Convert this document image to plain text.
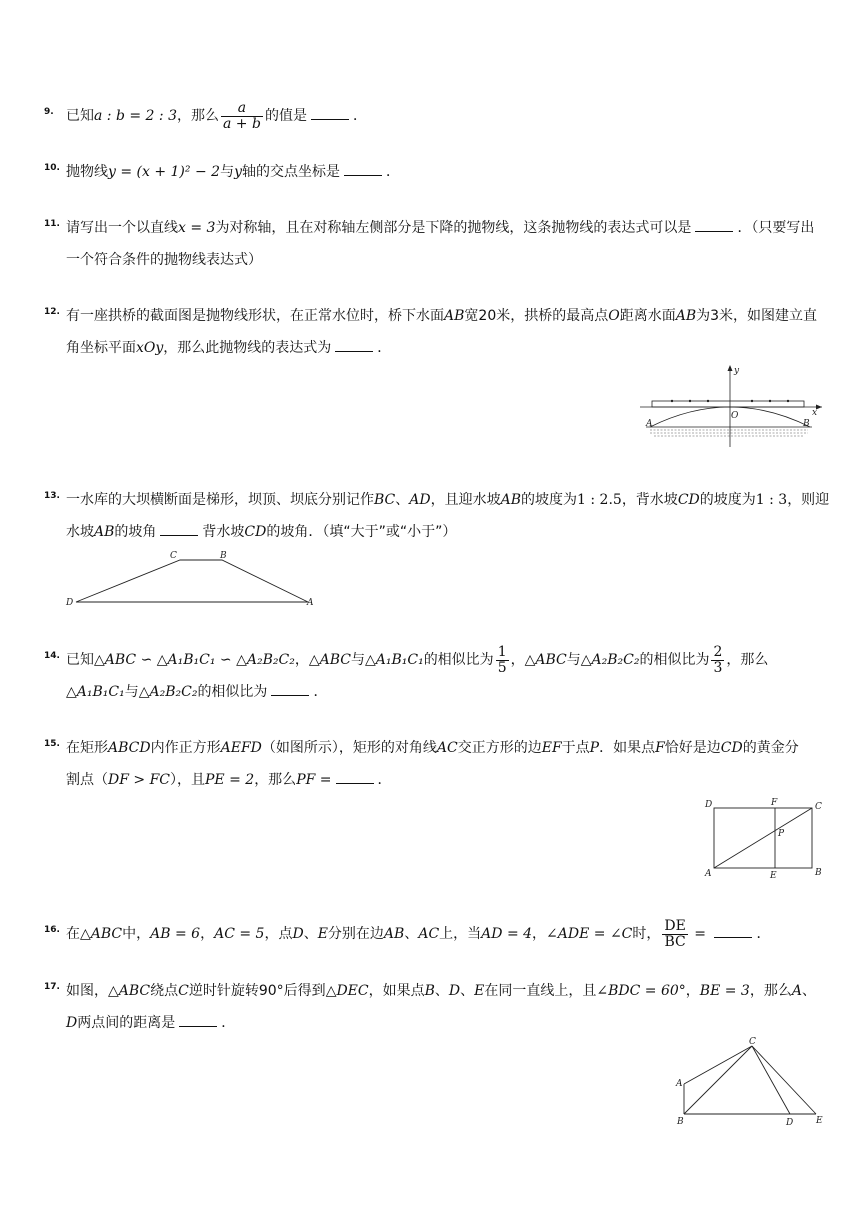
9. 已知a : b = 2 : 3，那么 $\frac{a}{a + b}$ 的值是	．
10. 抛物线y = (x + 1)² − 2与y轴的交点坐标是	．
11. 请写出一个以直线x = 3为对称轴，且在对称轴左侧部分是下降的抛物线，这条抛物线的表达式可以是	．（只要写出
一个符合条件的抛物线表达式）
12. 有一座拱桥的截面图是抛物线形状，在正常水位时，桥下水面AB宽20米，拱桥的最高点O距离水面AB为3米，如图建立直
角坐标平面xOy，那么此抛物线的表达式为	．
y
x
O
A	B
13. 一水库的大坝横断面是梯形，坝顶、坝底分别记作BC、AD，且迎水坡AB的坡度为1 : 2.5，背水坡CD的坡度为1 : 3，则迎
水坡AB的坡角	背水坡CD的坡角．（填“大于”或“小于”）
C	B
D	A
14. 已知△ABC ∽ △A₁B₁C₁ ∽ △A₂B₂C₂，△ABC与△A₁B₁C₁的相似比为 $\frac{1}{5}$ ，△ABC与△A₂B₂C₂的相似比为 $\frac{2}{3}$ ，那么
△A₁B₁C₁与△A₂B₂C₂的相似比为	．
15. 在矩形ABCD内作正方形AEFD（如图所示），矩形的对角线AC交正方形的边EF于点P．如果点F恰好是边CD的黄金分
割点（DF > FC），且PE = 2，那么PF =	．
D	F	C
P
A	E	B
16. 在△ABC中，AB = 6，AC = 5，点D、E分别在边AB、AC上，当AD = 4，∠ADE = ∠C时， $\frac{DE}{BC}$ =	．
17. 如图，△ABC绕点C逆时针旋转90°后得到△DEC，如果点B、D、E在同一直线上，且∠BDC = 60°，BE = 3，那么A、
D两点间的距离是	．
C
A
B	D	E
